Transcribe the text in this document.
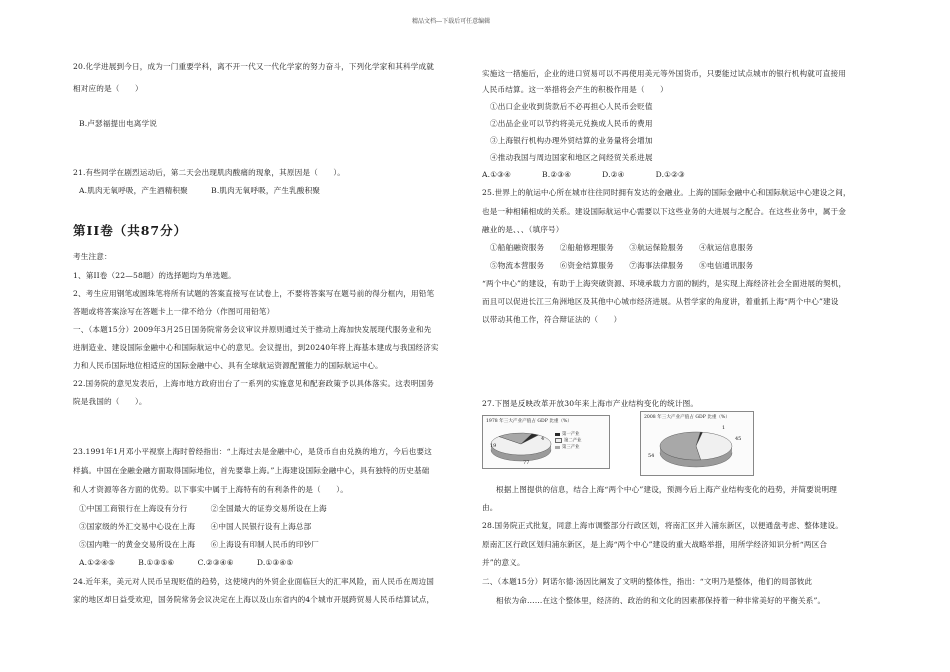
精品文档---下载后可任意编辑
20.化学进展到今日，成为一门重要学科，离不开一代又一代化学家的努力奋斗，下列化学家和其科学成就
相对应的是（　　）
B.卢瑟福提出电离学说
21.有些同学在剧烈运动后，第二天会出现肌肉酸痛的现象，其原因是（　　）。
A.肌肉无氧呼吸，产生酒精积聚　　　B.肌肉无氧呼吸，产生乳酸积聚
第II卷（共87分）
考生注意：
1、第II卷（22—58题）的选择题均为单选题。
2、考生应用钢笔或圆珠笔将所有试题的答案直接写在试卷上，不要将答案写在题号前的得分框内，用铅笔
答题或将答案涂写在答题卡上一律不给分（作图可用铅笔）
一、（本题15分）2009年3月25日国务院常务会议审议并原则通过关于推动上海加快发展现代服务业和先
进制造业、建设国际金融中心和国际航运中心的意见。会议提出，到20240年将上海基本建成与我国经济实
力和人民币国际地位相适应的国际金融中心、具有全球航运资源配置能力的国际航运中心。
22.国务院的意见发表后，上海市地方政府出台了一系列的实施意见和配套政策予以具体落实。这表明国务
院是我国的（　　）。
23.1991年1月邓小平视察上海时曾经指出：“上海过去是金融中心，是货币自由兑换的地方，今后也要这
样搞。中国在金融金融方面取得国际地位，首先要靠上海。”上海建设国际金融中心，具有独特的历史基础
和人才资源等各方面的优势。以下事实中属于上海特有的有利条件的是（　　）。
①中国工商银行在上海设有分行　　　②全国最大的证券交易所设在上海
③国家级的外汇交易中心设在上海　　④中国人民银行设有上海总部
⑤国内唯一的黄金交易所设在上海　　⑥上海设有印制人民币的印钞厂
A.①②④⑤　　　B.①③⑤⑥　　　C.②③④⑥　　　D.①③④⑤
24.近年来，美元对人民币呈现贬值的趋势，这使境内的外贸企业面临巨大的汇率风险，而人民币在周边国
家的地区却日益受欢迎，国务院常务会议决定在上海以及山东省内的4个城市开展跨贸易人民币结算试点，
实施这一措施后，企业的进口贸易可以不再使用美元等外国货币，只要能过试点城市的银行机构就可直接用
人民币结算。这一举措将会产生的积极作用是（　　）
①出口企业收到货款后不必再担心人民币会贬值
②出品企业可以节约将美元兑换成人民币的费用
③上海银行机构办理外贸结算的业务量将会增加
④推动我国与周边国家和地区之间经贸关系进展
A.①③④　　　　B.②③④　　　　D.②④　　　　D.①②③
25.世界上的航运中心所在城市往往同时拥有发达的金融业。上海的国际金融中心和国际航运中心建设之间，
也是一种相辅相成的关系。建设国际航运中心需要以下这些业务的大进展与之配合。在这些业务中，属于金
融业的是、、、（填序号）
①船舶融资服务　　②船舶修理服务　　③航运保险服务　　④航运信息服务
⑤物流本营服务　　⑥资金结算服务　　⑦海事法律服务　　⑧电信通讯服务
“两个中心”的建设，有助于上海突破资源、环境承载力方面的制约，是实现上海经济社会全面进展的契机，
而且可以促进长江三角洲地区及其他中心城市经济进展。从哲学家的角度讲，着重抓上海“两个中心”建设
以带动其他工作，符合辩证法的（　　）
27.下图是反映改革开放30年来上海市产业结构变化的统计图。
1978 年三大产业产值占 GDP 比重（%）
第一产业
第二产业
第三产业
19
4
77
2008 年三大产业产值占 GDP 比重（%）
1
45
54
根据上图提供的信息，结合上海“两个中心”建设，预测今后上海产业结构变化的趋势，并简要说明理
由。
28.国务院正式批复，同意上海市调整部分行政区划，将南汇区并入浦东新区，以便通盘考虑、整体建设。
原南汇区行政区划归浦东新区，是上海“两个中心”建设的重大战略举措，用所学经济知识分析“两区合
并”的意义。
二、（本题15分）阿诺尔德·汤因比阐发了文明的整体性，指出：“文明乃是整体，他们的局部彼此
相依为命……在这个整体里，经济的、政治的和文化的因素都保持着一种非常美好的平衡关系”。
